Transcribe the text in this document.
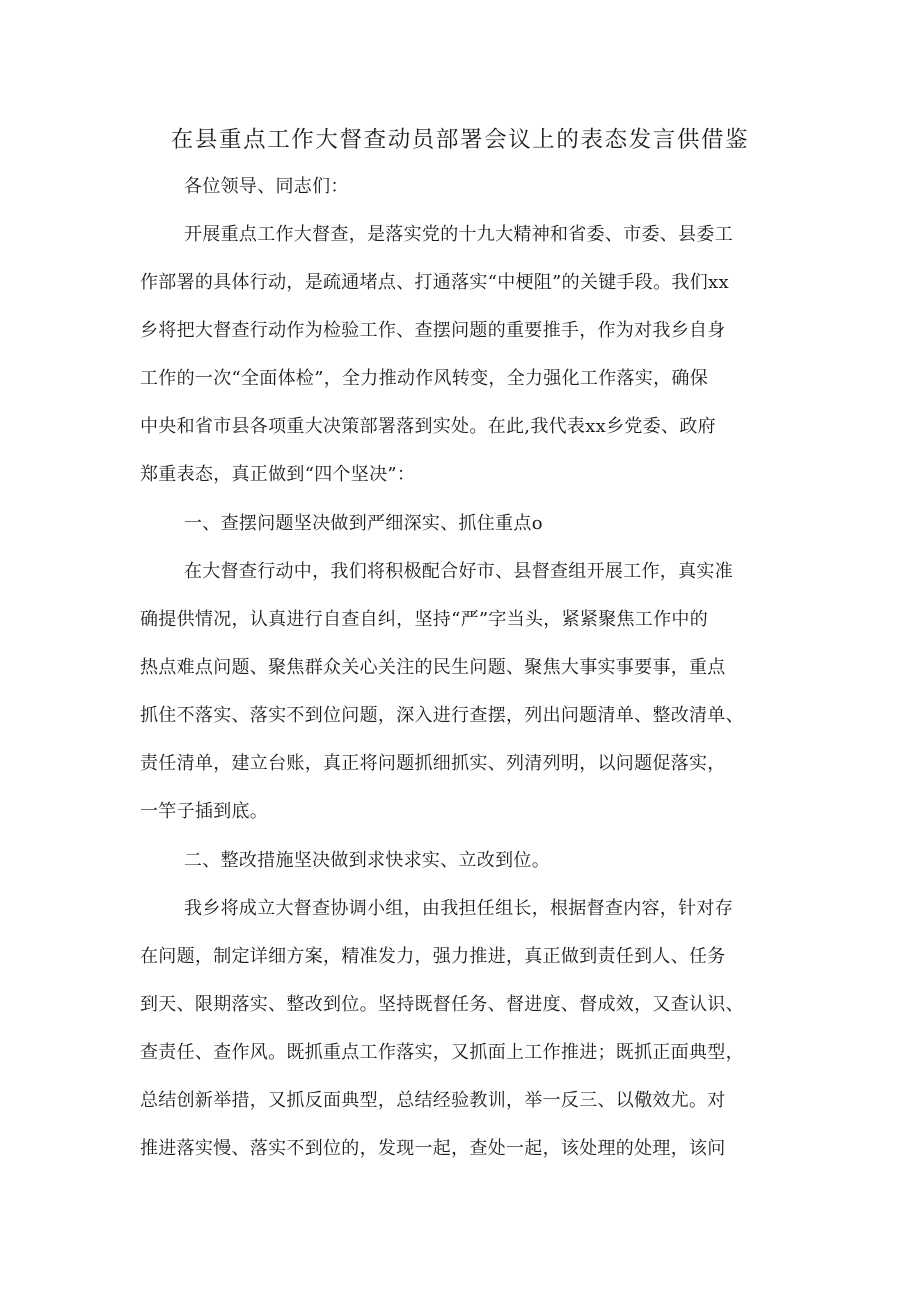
在县重点工作大督查动员部署会议上的表态发言供借鉴
各位领导、同志们：
开展重点工作大督查，是落实党的十九大精神和省委、市委、县委工
作部署的具体行动，是疏通堵点、打通落实“中梗阻”的关键手段。我们xx
乡将把大督查行动作为检验工作、查摆问题的重要推手，作为对我乡自身
工作的一次“全面体检”，全力推动作风转变，全力强化工作落实，确保
中央和省市县各项重大决策部署落到实处。在此,我代表xx乡党委、政府
郑重表态，真正做到“四个坚决”：
一、查摆问题坚决做到严细深实、抓住重点o
在大督查行动中，我们将积极配合好市、县督查组开展工作，真实准
确提供情况，认真进行自查自纠，坚持“严”字当头，紧紧聚焦工作中的
热点难点问题、聚焦群众关心关注的民生问题、聚焦大事实事要事，重点
抓住不落实、落实不到位问题，深入进行查摆，列出问题清单、整改清单、
责任清单，建立台账，真正将问题抓细抓实、列清列明，以问题促落实，
一竿子插到底。
二、整改措施坚决做到求快求实、立改到位。
我乡将成立大督查协调小组，由我担任组长，根据督查内容，针对存
在问题，制定详细方案，精准发力，强力推进，真正做到责任到人、任务
到天、限期落实、整改到位。坚持既督任务、督进度、督成效，又查认识、
查责任、查作风。既抓重点工作落实，又抓面上工作推进；既抓正面典型，
总结创新举措，又抓反面典型，总结经验教训，举一反三、以儆效尤。对
推进落实慢、落实不到位的，发现一起，查处一起，该处理的处理，该问
